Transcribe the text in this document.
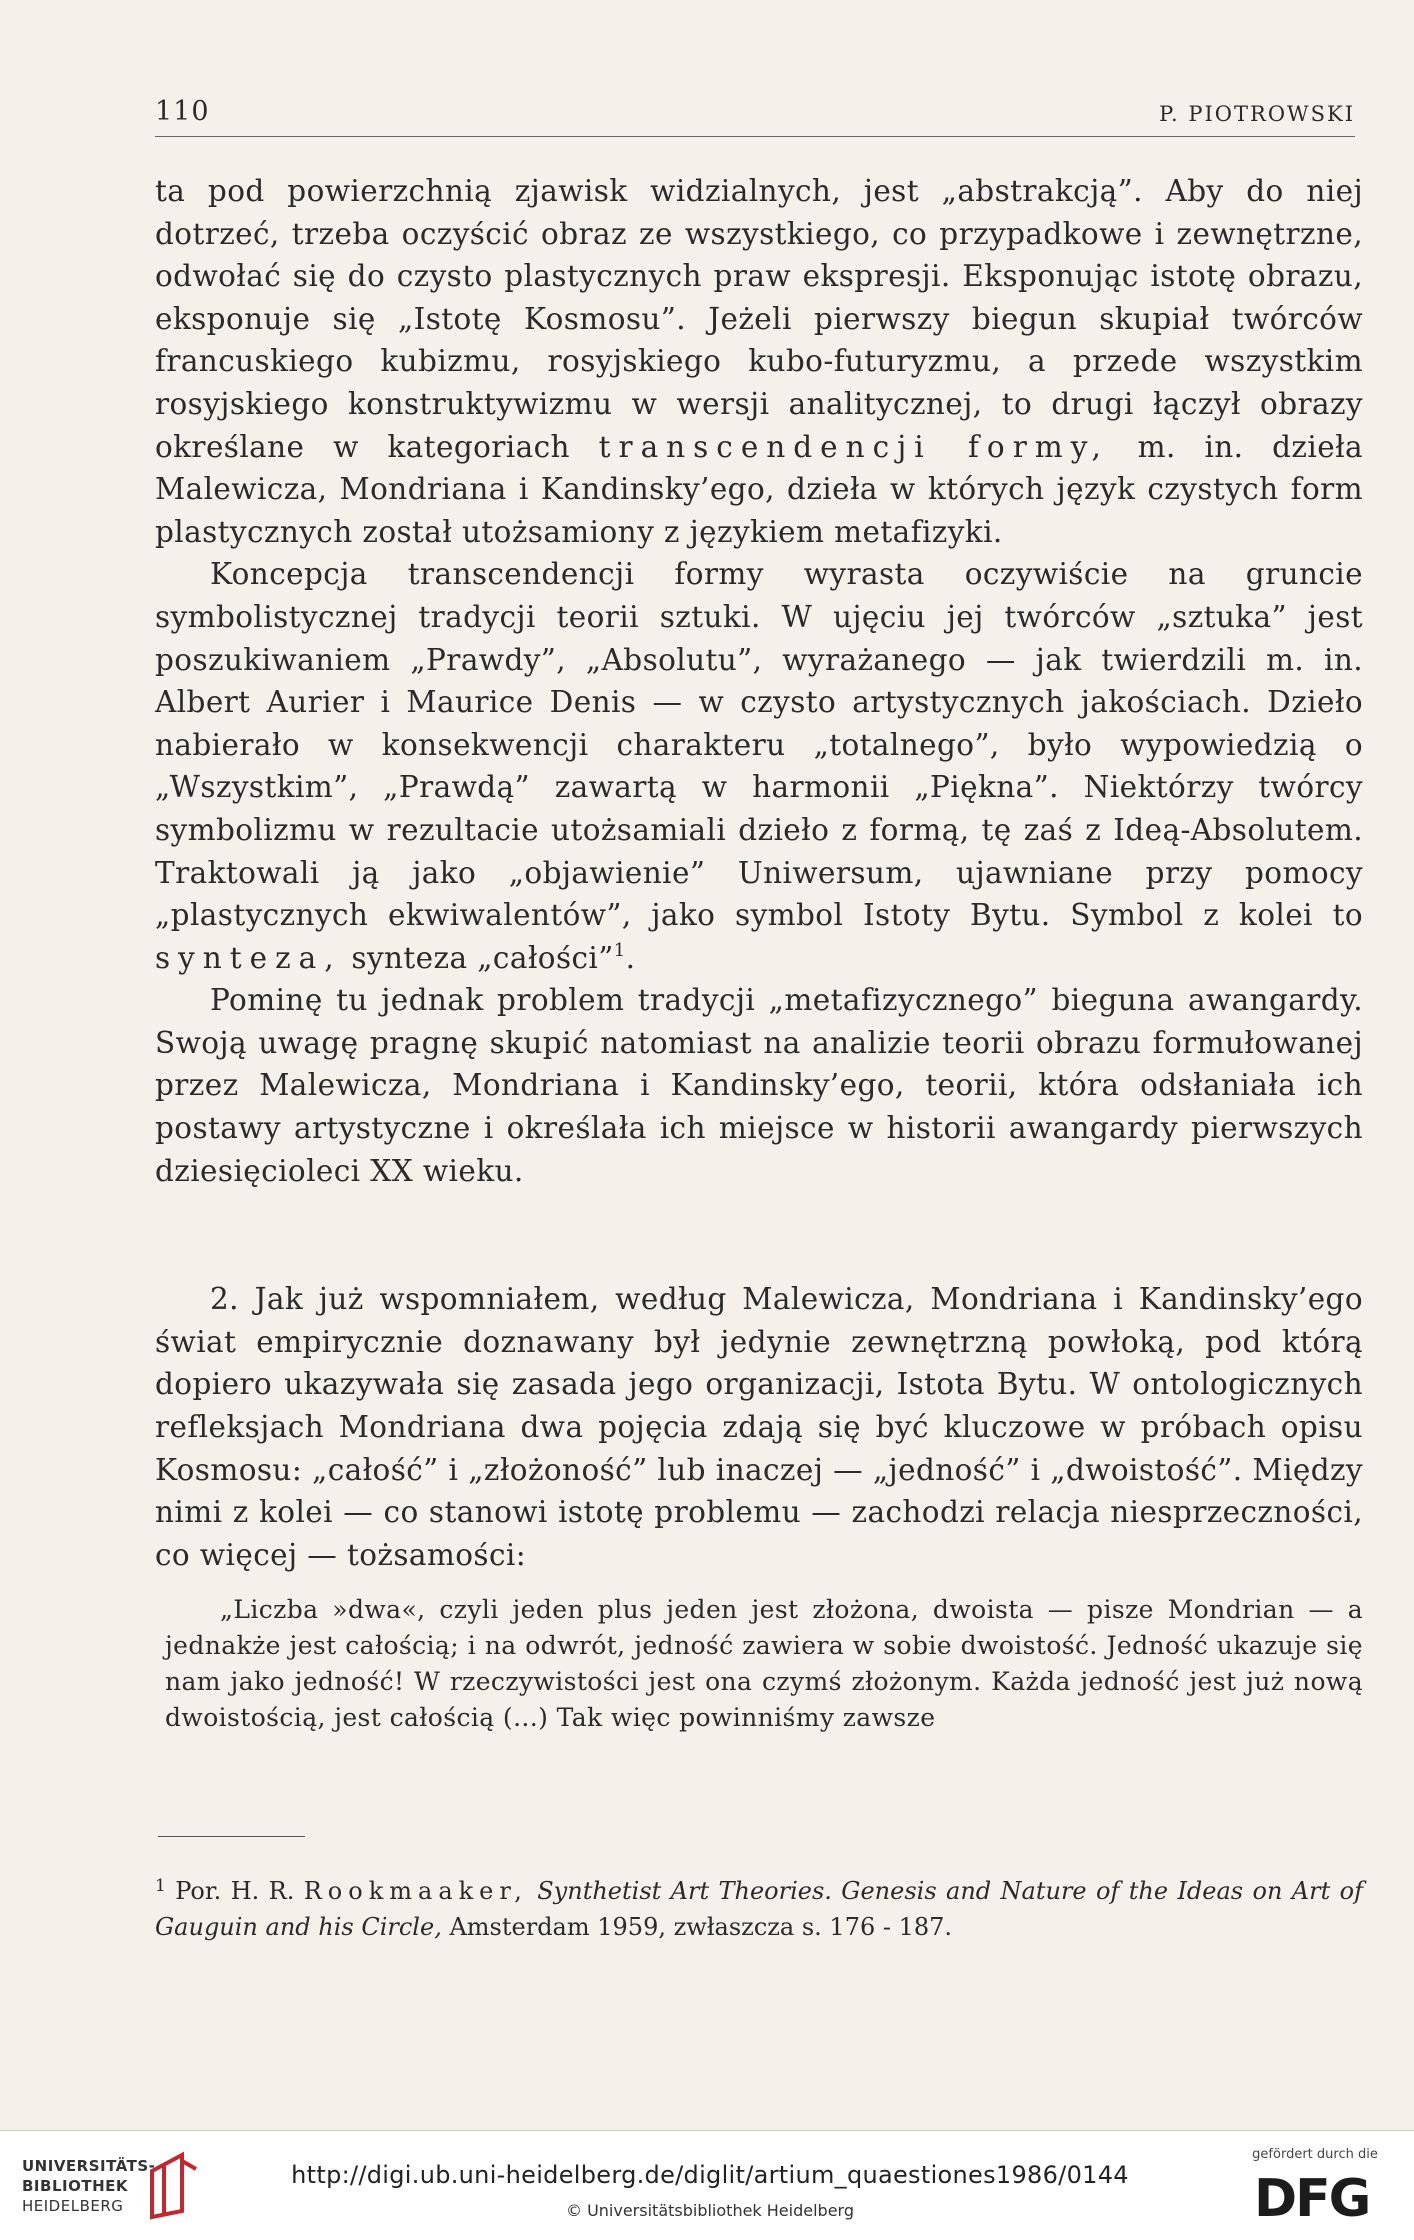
110	P. PIOTROWSKI

ta pod powierzchnią zjawisk widzialnych, jest „abstrakcją”. Aby do niej dotrzeć, trzeba oczyścić obraz ze wszystkiego, co przypadkowe i zewnętrzne, odwołać się do czysto plastycznych praw ekspresji. Eksponując istotę obrazu, eksponuje się „Istotę Kosmosu”. Jeżeli pierwszy biegun skupiał twórców francuskiego kubizmu, rosyjskiego kubo-futuryzmu, a przede wszystkim rosyjskiego konstruktywizmu w wersji analitycznej, to drugi łączył obrazy określane w kategoriach transcendencji formy, m. in. dzieła Malewicza, Mondriana i Kandinsky’ego, dzieła w których język czystych form plastycznych został utożsamiony z językiem metafizyki.

Koncepcja transcendencji formy wyrasta oczywiście na gruncie symbolistycznej tradycji teorii sztuki. W ujęciu jej twórców „sztuka” jest poszukiwaniem „Prawdy”, „Absolutu”, wyrażanego — jak twierdzili m. in. Albert Aurier i Maurice Denis — w czysto artystycznych jakościach. Dzieło nabierało w konsekwencji charakteru „totalnego”, było wypowiedzią o „Wszystkim”, „Prawdą” zawartą w harmonii „Piękna”. Niektórzy twórcy symbolizmu w rezultacie utożsamiali dzieło z formą, tę zaś z Ideą-Absolutem. Traktowali ją jako „objawienie” Uniwersum, ujawniane przy pomocy „plastycznych ekwiwalentów”, jako symbol Istoty Bytu. Symbol z kolei to synteza, synteza „całości”$^1$.

Pominę tu jednak problem tradycji „metafizycznego” bieguna awangardy. Swoją uwagę pragnę skupić natomiast na analizie teorii obrazu formułowanej przez Malewicza, Mondriana i Kandinsky’ego, teorii, która odsłaniała ich postawy artystyczne i określała ich miejsce w historii awangardy pierwszych dziesięcioleci XX wieku.

2. Jak już wspomniałem, według Malewicza, Mondriana i Kandinsky’ego świat empirycznie doznawany był jedynie zewnętrzną powłoką, pod którą dopiero ukazywała się zasada jego organizacji, Istota Bytu. W ontologicznych refleksjach Mondriana dwa pojęcia zdają się być kluczowe w próbach opisu Kosmosu: „całość” i „złożoność” lub inaczej — „jedność” i „dwoistość”. Między nimi z kolei — co stanowi istotę problemu — zachodzi relacja niesprzeczności, co więcej — tożsamości:

„Liczba »dwa«, czyli jeden plus jeden jest złożona, dwoista — pisze Mondrian — a jednakże jest całością; i na odwrót, jedność zawiera w sobie dwoistość. Jedność ukazuje się nam jako jedność! W rzeczywistości jest ona czymś złożonym. Każda jedność jest już nową dwoistością, jest całością (...) Tak więc powinniśmy zawsze

$^1$ Por. H. R. Rookmaaker, Synthetist Art Theories. Genesis and Nature of the Ideas on Art of Gauguin and his Circle, Amsterdam 1959, zwłaszcza s. 176 - 187.
UNIVERSITÄTS-
BIBLIOTHEK
HEIDELBERG
http://digi.ub.uni-heidelberg.de/diglit/artium_quaestiones1986/0144
© Universitätsbibliothek Heidelberg
gefördert durch die
DFG
